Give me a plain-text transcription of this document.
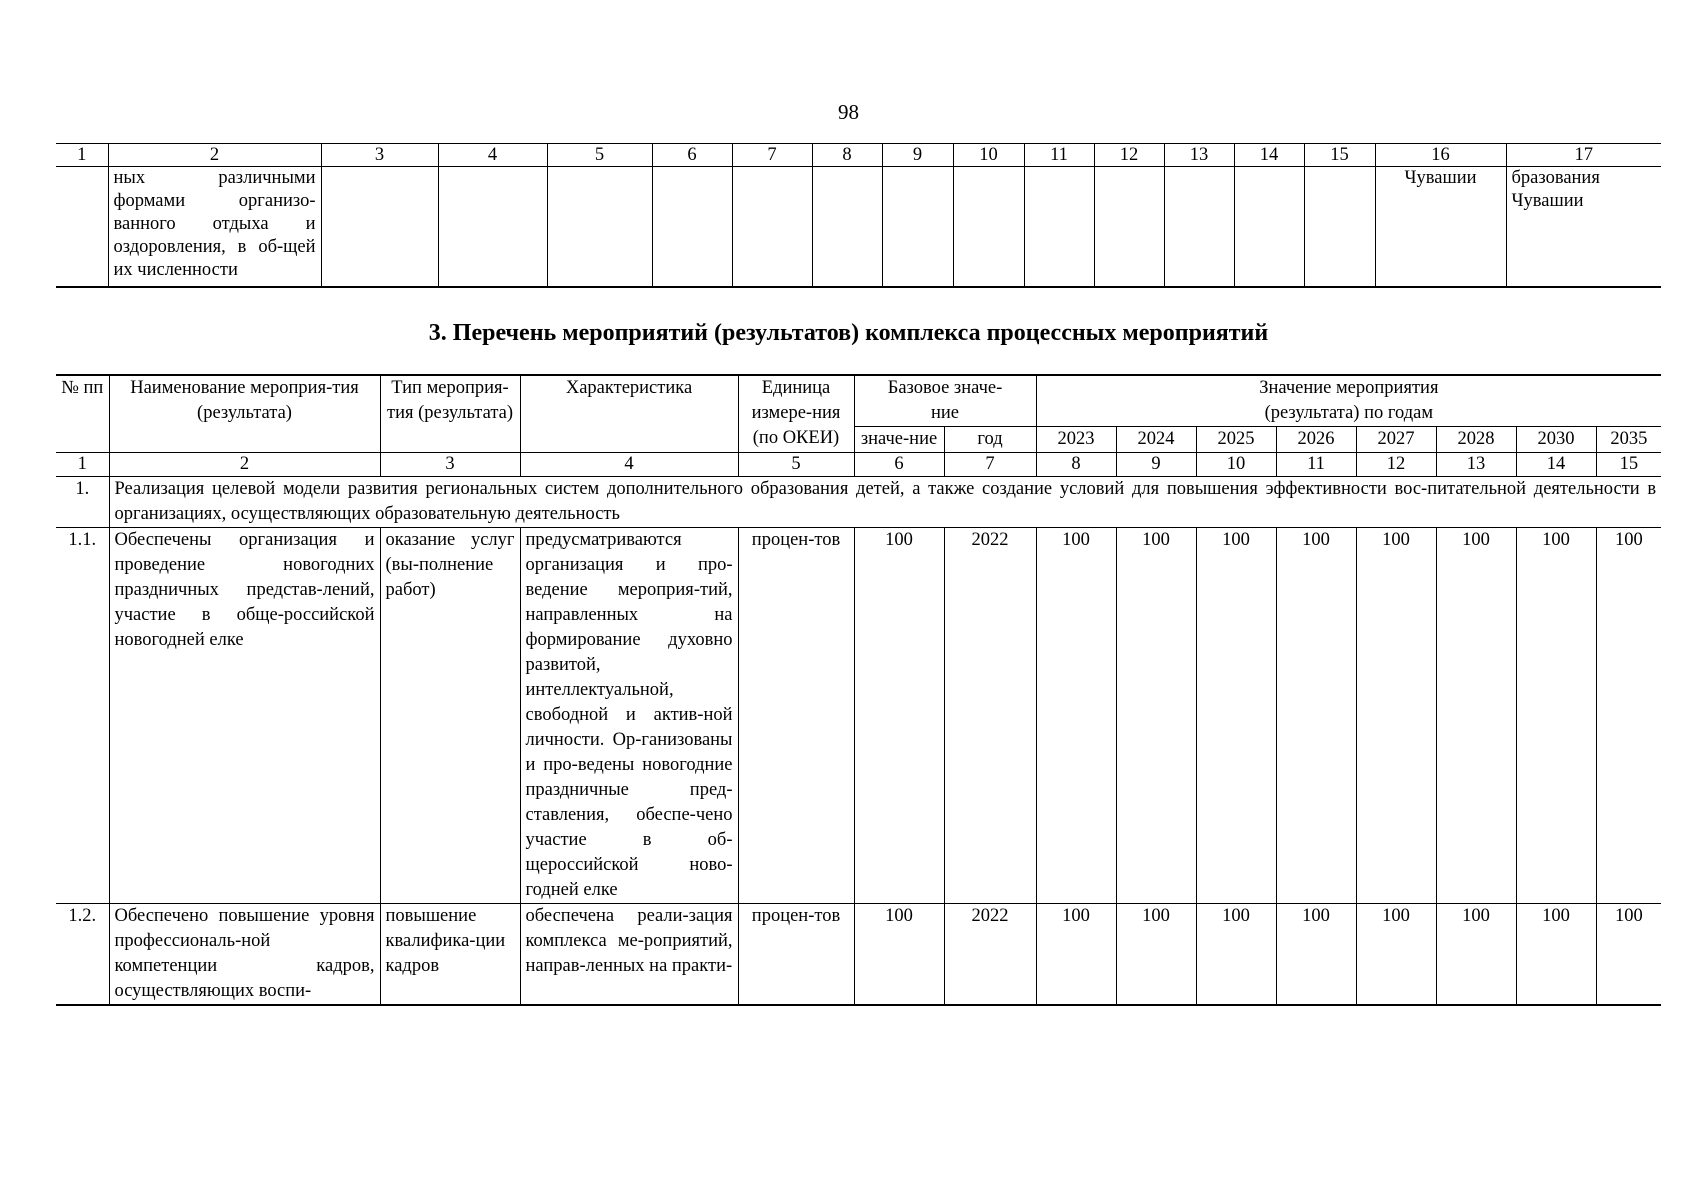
98
1	2	3	4	5	6	7	8	9	10	11	12	13	14	15	16	17
	ных различными формами организо-ванного отдыха и оздоровления, в об-щей их численности														Чувашии	бразования Чувашии
3. Перечень мероприятий (результатов) комплекса процессных мероприятий
№ пп	Наименование мероприя-тия (результата)	Тип мероприя-тия (результата)	Характеристика	Единица измере-ния (по ОКЕИ)	Базовое значе-ние		Значение мероприятия (результата) по годам							
					значе-ние	год	2023	2024	2025	2026	2027	2028	2030	2035
1	2	3	4	5	6	7	8	9	10	11	12	13	14	15
1.	Реализация целевой модели развития региональных систем дополнительного образования детей, а также создание условий для повышения эффективности вос-питательной деятельности в организациях, осуществляющих образовательную деятельность													
1.1.	Обеспечены организация и проведение новогодних праздничных представ-лений, участие в обще-российской новогодней елке	оказание услуг (вы-полнение работ)	предусматриваются организация и про-ведение мероприя-тий, направленных на формирование духовно развитой, интеллектуальной, свободной и актив-ной личности. Ор-ганизованы и про-ведены новогодние праздничные пред-ставления, обеспе-чено участие в об-щероссийской ново-годней елке	процен-тов	100	2022	100	100	100	100	100	100	100	100
1.2.	Обеспечено повышение уровня профессиональ-ной компетенции кадров, осуществляющих воспи-	повышение квалифика-ции кадров	обеспечена реали-зация комплекса ме-роприятий, направ-ленных на практи-	процен-тов	100	2022	100	100	100	100	100	100	100	100
